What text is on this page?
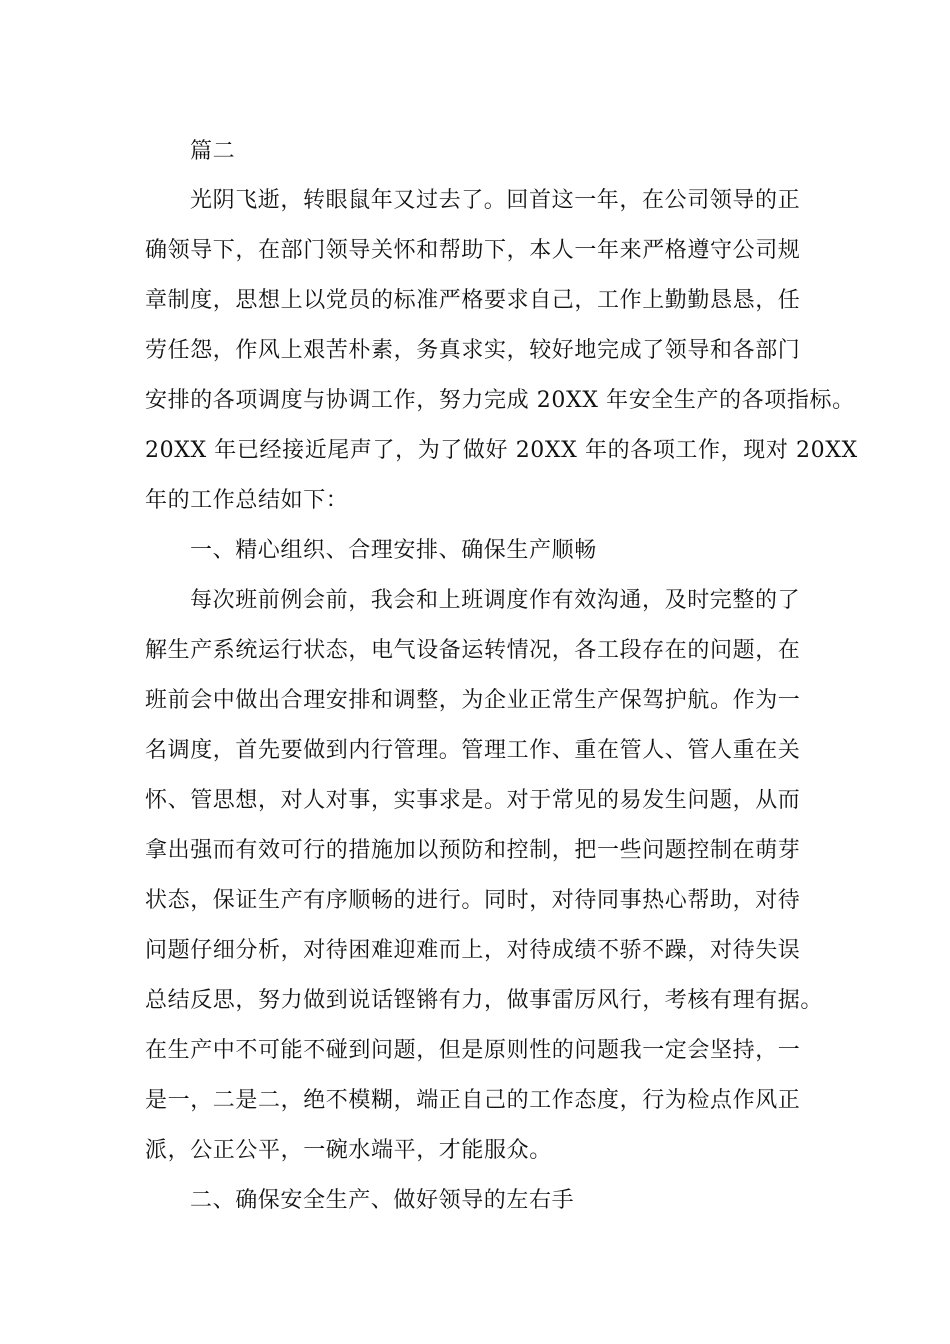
篇二
光阴飞逝，转眼鼠年又过去了。回首这一年，在公司领导的正
确领导下，在部门领导关怀和帮助下，本人一年来严格遵守公司规
章制度，思想上以党员的标准严格要求自己，工作上勤勤恳恳，任
劳任怨，作风上艰苦朴素，务真求实，较好地完成了领导和各部门
安排的各项调度与协调工作，努力完成 20XX 年安全生产的各项指标。
20XX 年已经接近尾声了，为了做好 20XX 年的各项工作，现对 20XX
年的工作总结如下：
一、精心组织、合理安排、确保生产顺畅
每次班前例会前，我会和上班调度作有效沟通，及时完整的了
解生产系统运行状态，电气设备运转情况，各工段存在的问题，在
班前会中做出合理安排和调整，为企业正常生产保驾护航。作为一
名调度，首先要做到内行管理。管理工作、重在管人、管人重在关
怀、管思想，对人对事，实事求是。对于常见的易发生问题，从而
拿出强而有效可行的措施加以预防和控制，把一些问题控制在萌芽
状态，保证生产有序顺畅的进行。同时，对待同事热心帮助，对待
问题仔细分析，对待困难迎难而上，对待成绩不骄不躁，对待失误
总结反思，努力做到说话铿锵有力，做事雷厉风行，考核有理有据。
在生产中不可能不碰到问题，但是原则性的问题我一定会坚持，一
是一，二是二，绝不模糊，端正自己的工作态度，行为检点作风正
派，公正公平，一碗水端平，才能服众。
二、确保安全生产、做好领导的左右手
